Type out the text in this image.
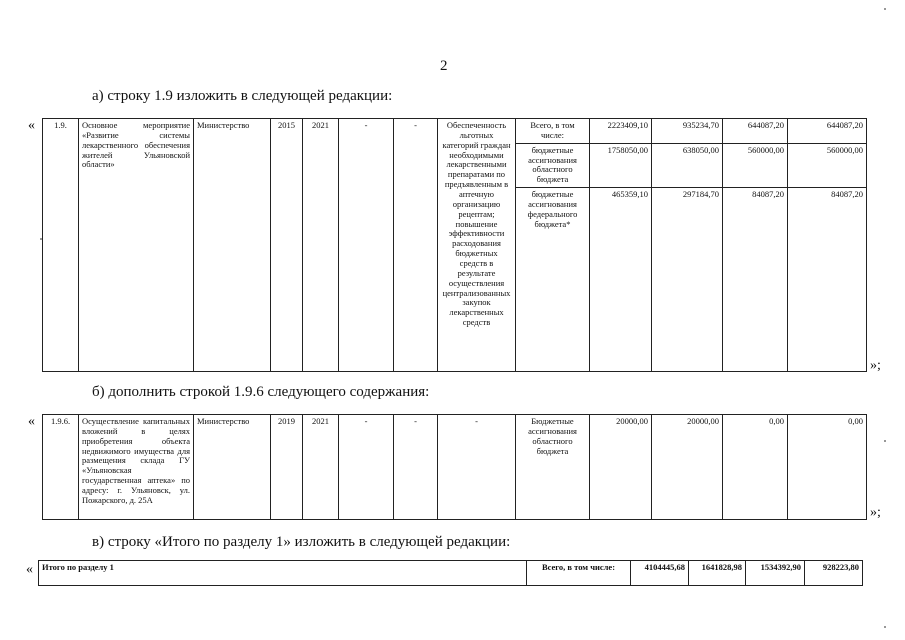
2
а) строку 1.9 изложить в следующей редакции:
« 1.9.	Основное мероприятие «Развитие системы лекарственного обеспечения жителей Ульяновской области»	Министерство	2015	2021	-	-	Обеспеченность льготных категорий граждан необходимыми лекарственными препаратами по предъявленным в аптечную организацию рецептам; повышение эффективности расходования бюджетных средств в результате осуществления централизованных закупок лекарственных средств	Всего, в том числе:	2223409,10	935234,70	644087,20	644087,20
								бюджетные ассигнования областного бюджета	1758050,00	638050,00	560000,00	560000,00
								бюджетные ассигнования федерального бюджета*	465359,10	297184,70	84087,20	84087,20
»;
б) дополнить строкой 1.9.6 следующего содержания:
« 1.9.6.	Осуществление капитальных вложений в целях приобретения объекта недвижимого имущества для размещения склада ГУ «Ульяновская государственная аптека» по адресу: г. Ульяновск, ул. Пожарского, д. 25А	Министерство	2019	2021	-	-	-	Бюджетные ассигнования областного бюджета	20000,00	20000,00	0,00	0,00
»;
в) строку «Итого по разделу 1» изложить в следующей редакции:
« Итого по разделу 1	Всего, в том числе:	4104445,68	1641828,98	1534392,90	928223,80
